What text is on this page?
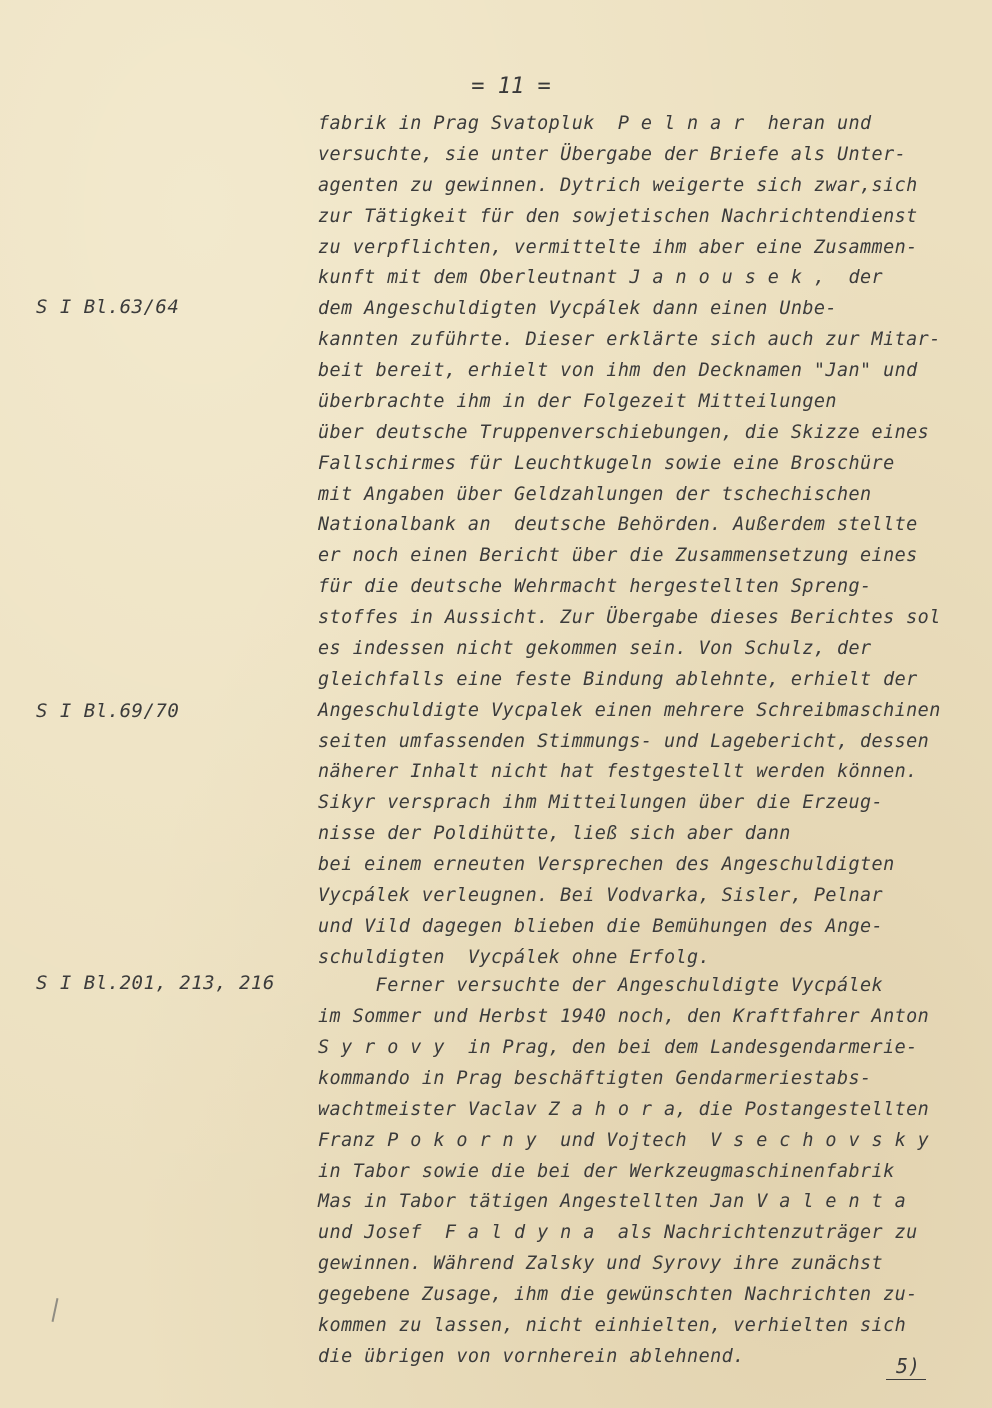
= 11 =
S I Bl.63/64
S I Bl.69/70
S I Bl.201, 213, 216
fabrik in Prag Svatopluk  P e l n a r  heran und
versuchte, sie unter Übergabe der Briefe als Unter-
agenten zu gewinnen. Dytrich weigerte sich zwar,sich
zur Tätigkeit für den sowjetischen Nachrichtendienst
zu verpflichten, vermittelte ihm aber eine Zusammen-
kunft mit dem Oberleutnant J a n o u s e k ,  der
dem Angeschuldigten Vycpálek dann einen Unbe-
kannten zuführte. Dieser erklärte sich auch zur Mitar-
beit bereit, erhielt von ihm den Decknamen "Jan" und
überbrachte ihm in der Folgezeit Mitteilungen
über deutsche Truppenverschiebungen, die Skizze eines
Fallschirmes für Leuchtkugeln sowie eine Broschüre
mit Angaben über Geldzahlungen der tschechischen
Nationalbank an  deutsche Behörden. Außerdem stellte
er noch einen Bericht über die Zusammensetzung eines
für die deutsche Wehrmacht hergestellten Spreng-
stoffes in Aussicht. Zur Übergabe dieses Berichtes sol
es indessen nicht gekommen sein. Von Schulz, der
gleichfalls eine feste Bindung ablehnte, erhielt der
Angeschuldigte Vycpalek einen mehrere Schreibmaschinen
seiten umfassenden Stimmungs- und Lagebericht, dessen
näherer Inhalt nicht hat festgestellt werden können.
Sikyr versprach ihm Mitteilungen über die Erzeug-
nisse der Poldihütte, ließ sich aber dann
bei einem erneuten Versprechen des Angeschuldigten
Vycpálek verleugnen. Bei Vodvarka, Sisler, Pelnar
und Vild dagegen blieben die Bemühungen des Ange-
schuldigten  Vycpálek ohne Erfolg.
Ferner versuchte der Angeschuldigte Vycpálek
im Sommer und Herbst 1940 noch, den Kraftfahrer Anton
S y r o v y  in Prag, den bei dem Landesgendarmerie-
kommando in Prag beschäftigten Gendarmeriestabs-
wachtmeister Vaclav Z a h o r a, die Postangestellten
Franz P o k o r n y  und Vojtech  V s e c h o v s k y
in Tabor sowie die bei der Werkzeugmaschinenfabrik
Mas in Tabor tätigen Angestellten Jan V a l e n t a
und Josef  F a l d y n a  als Nachrichtenzuträger zu
gewinnen. Während Zalsky und Syrovy ihre zunächst
gegebene Zusage, ihm die gewünschten Nachrichten zu-
kommen zu lassen, nicht einhielten, verhielten sich
die übrigen von vornherein ablehnend.	5)
